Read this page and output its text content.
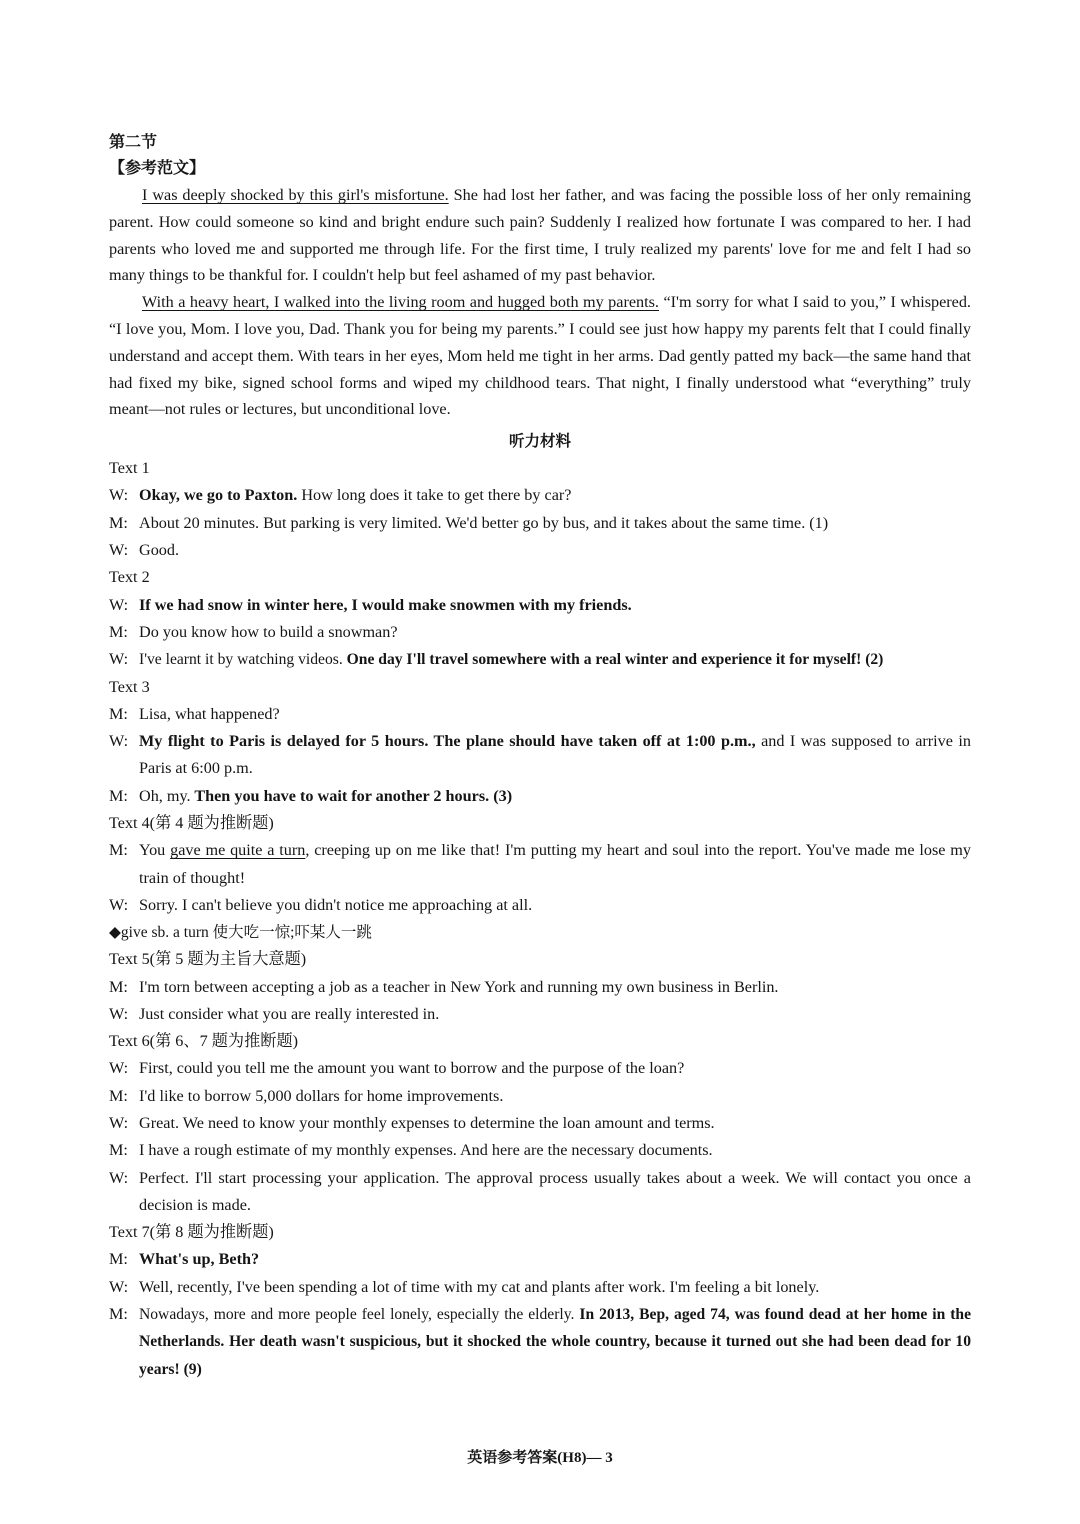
第二节
【参考范文】

I was deeply shocked by this girl's misfortune. She had lost her father, and was facing the possible loss of her only remaining parent. How could someone so kind and bright endure such pain? Suddenly I realized how fortunate I was compared to her. I had parents who loved me and supported me through life. For the first time, I truly realized my parents' love for me and felt I had so many things to be thankful for. I couldn't help but feel ashamed of my past behavior.

With a heavy heart, I walked into the living room and hugged both my parents. “I'm sorry for what I said to you,” I whispered. “I love you, Mom. I love you, Dad. Thank you for being my parents.” I could see just how happy my parents felt that I could finally understand and accept them. With tears in her eyes, Mom held me tight in her arms. Dad gently patted my back—the same hand that had fixed my bike, signed school forms and wiped my childhood tears. That night, I finally understood what “everything” truly meant—not rules or lectures, but unconditional love.

听力材料
Text 1
W: Okay, we go to Paxton. How long does it take to get there by car?
M: About 20 minutes. But parking is very limited. We'd better go by bus, and it takes about the same time. (1)
W: Good.
Text 2
W: If we had snow in winter here, I would make snowmen with my friends.
M: Do you know how to build a snowman?
W: I've learnt it by watching videos. One day I'll travel somewhere with a real winter and experience it for myself! (2)
Text 3
M: Lisa, what happened?
W: My flight to Paris is delayed for 5 hours. The plane should have taken off at 1:00 p.m., and I was supposed to arrive in Paris at 6:00 p.m.
M: Oh, my. Then you have to wait for another 2 hours. (3)
Text 4(第 4 题为推断题)
M: You gave me quite a turn, creeping up on me like that! I'm putting my heart and soul into the report. You've made me lose my train of thought!
W: Sorry. I can't believe you didn't notice me approaching at all.
◆give sb. a turn 使大吃一惊;吓某人一跳
Text 5(第 5 题为主旨大意题)
M: I'm torn between accepting a job as a teacher in New York and running my own business in Berlin.
W: Just consider what you are really interested in.
Text 6(第 6、7 题为推断题)
W: First, could you tell me the amount you want to borrow and the purpose of the loan?
M: I'd like to borrow 5,000 dollars for home improvements.
W: Great. We need to know your monthly expenses to determine the loan amount and terms.
M: I have a rough estimate of my monthly expenses. And here are the necessary documents.
W: Perfect. I'll start processing your application. The approval process usually takes about a week. We will contact you once a decision is made.
Text 7(第 8 题为推断题)
M: What's up, Beth?
W: Well, recently, I've been spending a lot of time with my cat and plants after work. I'm feeling a bit lonely.
M: Nowadays, more and more people feel lonely, especially the elderly. In 2013, Bep, aged 74, was found dead at her home in the Netherlands. Her death wasn't suspicious, but it shocked the whole country, because it turned out she had been dead for 10 years! (9)
英语参考答案(H8)— 3
